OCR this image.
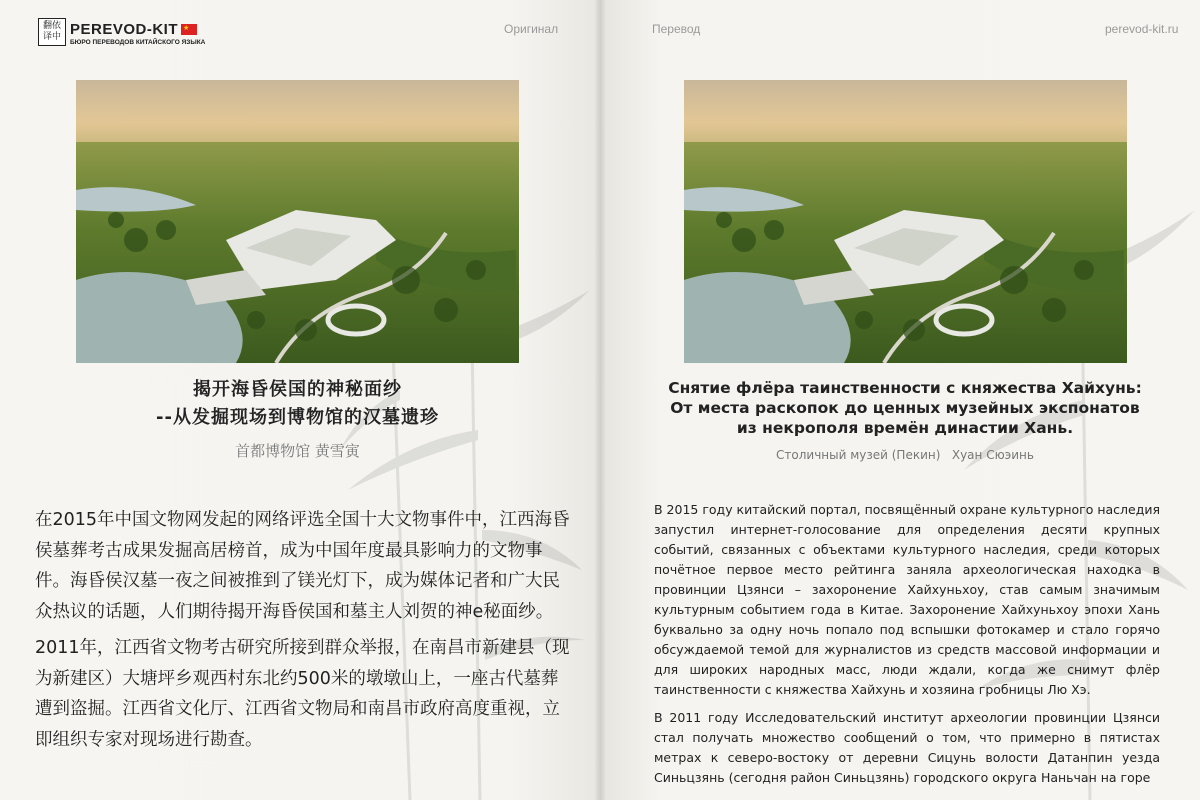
翻依译中 PEREVOD-KIT★
БЮРО ПЕРЕВОДОВ КИТАЙСКОГО ЯЗЫКА
Оригинал
揭开海昏侯国的神秘面纱
--从发掘现场到博物馆的汉墓遗珍
首都博物馆 黄雪寅

在2015年中国文物网发起的网络评选全国十大文物事件中，江西海昏侯墓葬考古成果发掘高居榜首，成为中国年度最具影响力的文物事件。海昏侯汉墓一夜之间被推到了镁光灯下，成为媒体记者和广大民众热议的话题，人们期待揭开海昏侯国和墓主人刘贺的神e秘面纱。

2011年，江西省文物考古研究所接到群众举报，在南昌市新建县（现为新建区）大塘坪乡观西村东北约500米的墩墩山上，一座古代墓葬遭到盗掘。江西省文化厅、江西省文物局和南昌市政府高度重视，立即组织专家对现场进行勘查。

Перевод	perevod-kit.ru
Снятие флёра таинственности с княжества Хайхунь:
От места раскопок до ценных музейных экспонатов
из некрополя времён династии Хань.
Столичный музей (Пекин)   Хуан Сюэинь

В 2015 году китайский портал, посвящённый охране культурного наследия запустил интернет-голосование для определения десяти крупных событий, связанных с объектами культурного наследия, среди которых почётное первое место рейтинга заняла археологическая находка в провинции Цзянси – захоронение Хайхуньхоу, став самым значимым культурным событием года в Китае. Захоронение Хайхуньхоу эпохи Хань буквально за одну ночь попало под вспышки фотокамер и стало горячо обсуждаемой темой для журналистов из средств массовой информации и для широких народных масс, люди ждали, когда же снимут флёр таинственности с княжества Хайхунь и хозяина гробницы Лю Хэ.

В 2011 году Исследовательский институт археологии провинции Цзянси стал получать множество сообщений о том, что примерно в пятистах метрах к северо-востоку от деревни Сицунь волости Датанпин уезда Синьцзянь (сегодня район Синьцзянь) городского округа Наньчан на горе
